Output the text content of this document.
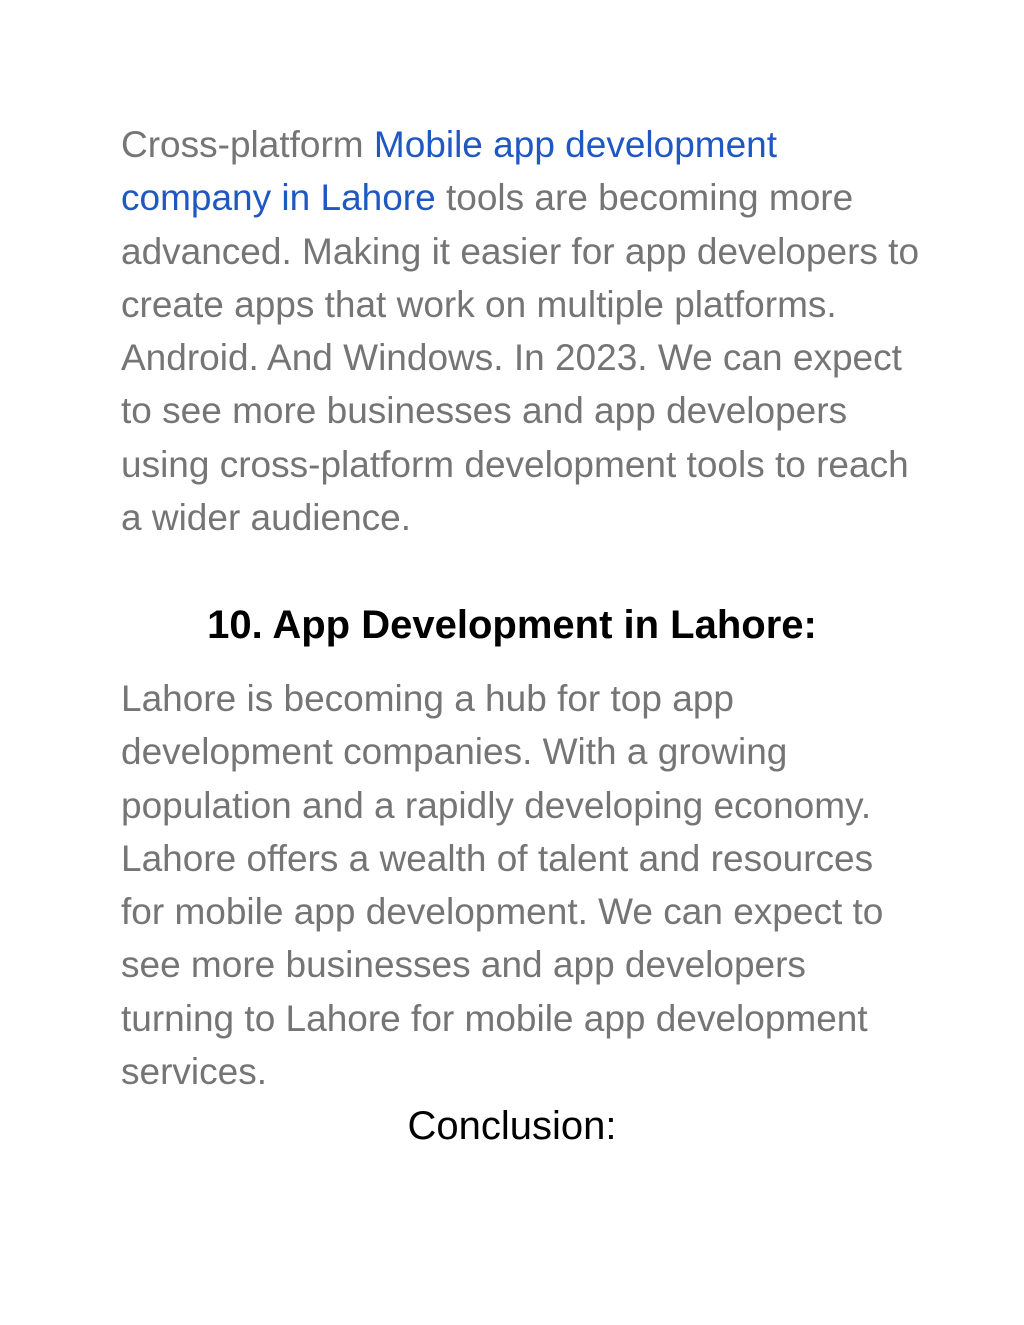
Cross-platform Mobile app development company in Lahore tools are becoming more advanced. Making it easier for app developers to create apps that work on multiple platforms. Android. And Windows. In 2023. We can expect to see more businesses and app developers using cross-platform development tools to reach a wider audience.

10. App Development in Lahore:

Lahore is becoming a hub for top app development companies. With a growing population and a rapidly developing economy. Lahore offers a wealth of talent and resources for mobile app development. We can expect to see more businesses and app developers turning to Lahore for mobile app development services.

Conclusion:
